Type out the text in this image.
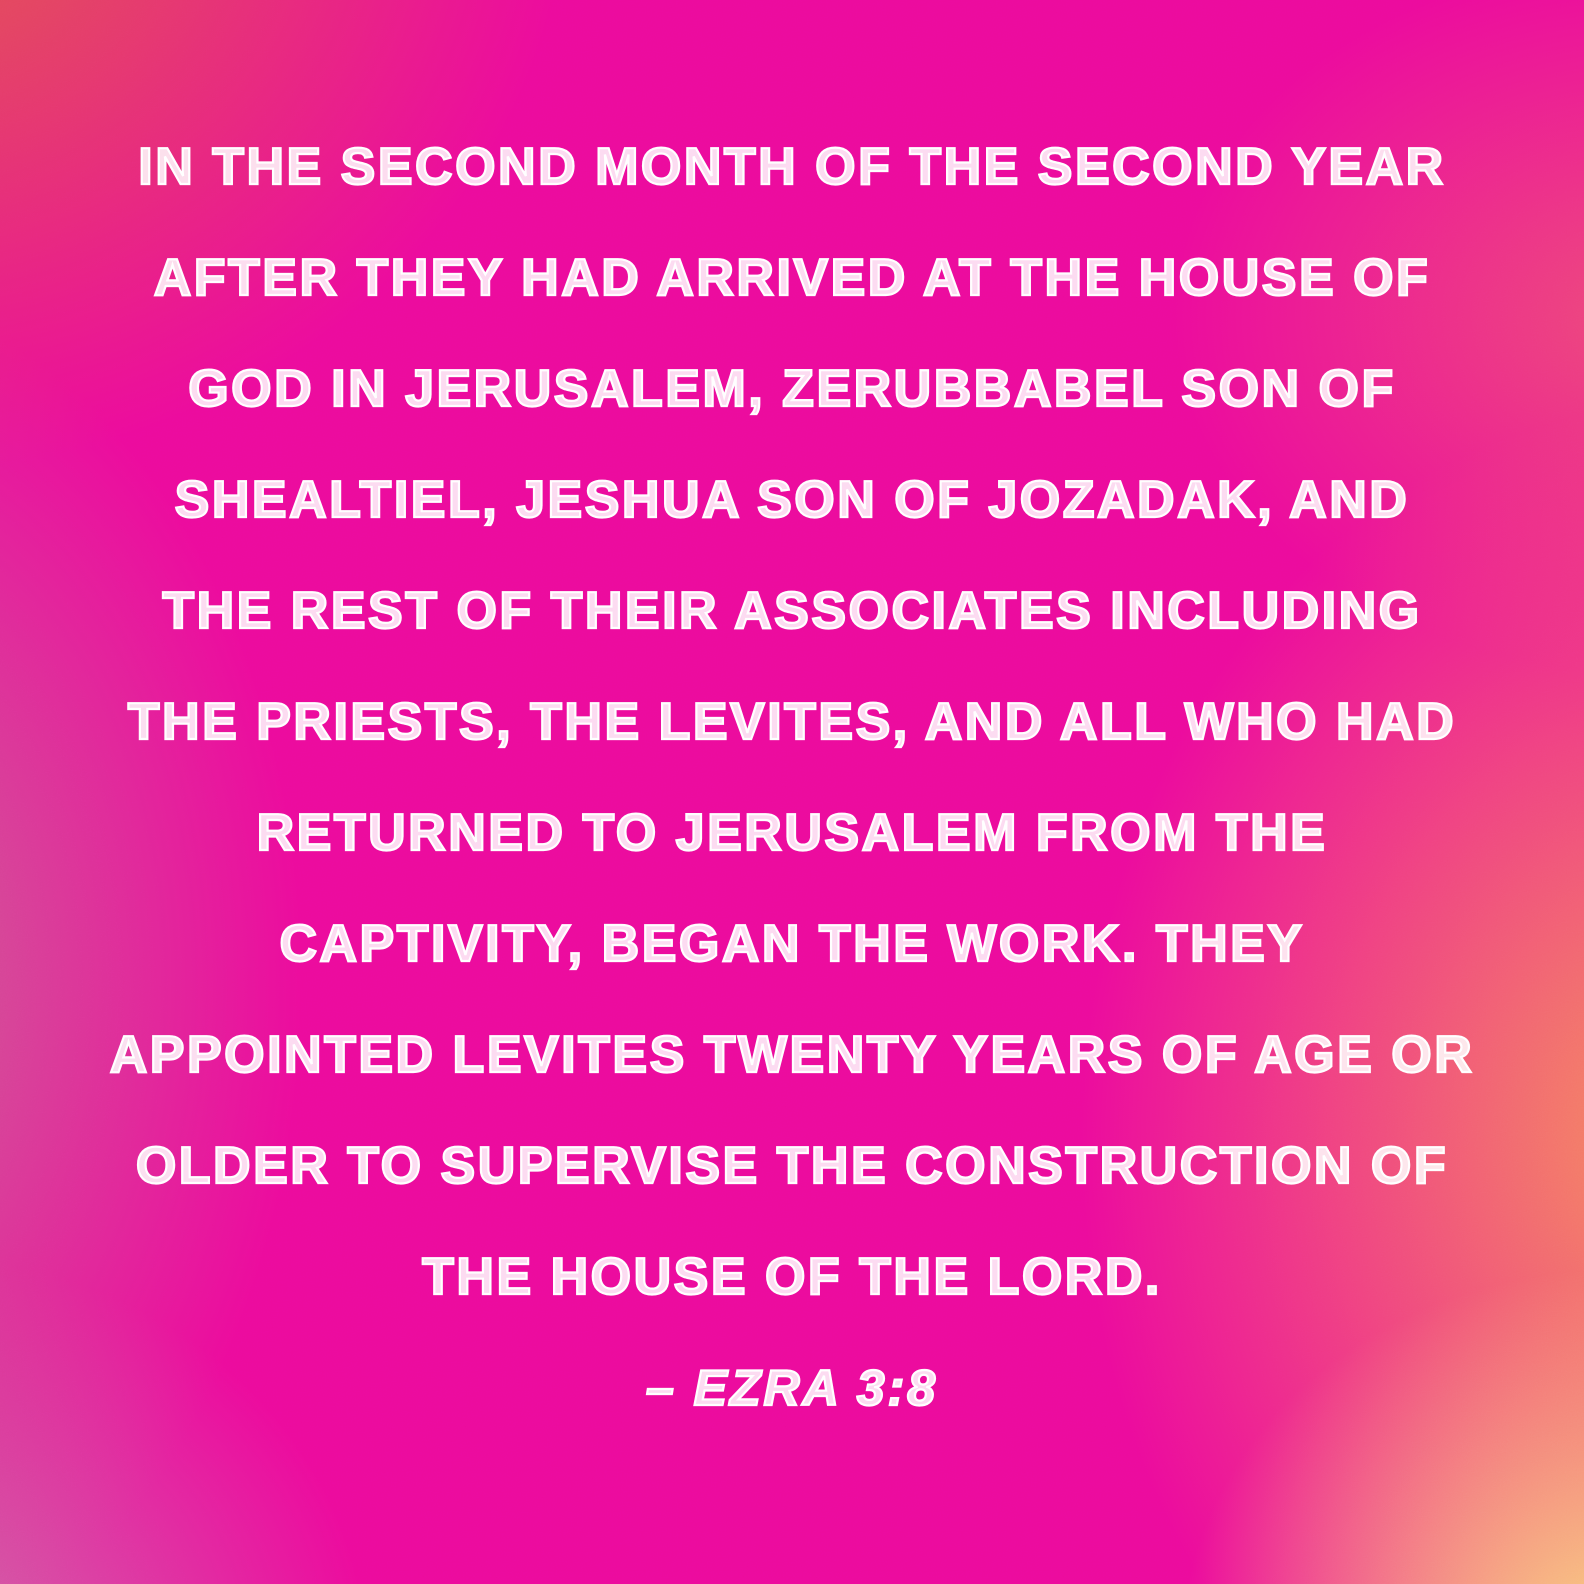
IN THE SECOND MONTH OF THE SECOND YEAR
AFTER THEY HAD ARRIVED AT THE HOUSE OF
GOD IN JERUSALEM, ZERUBBABEL SON OF
SHEALTIEL, JESHUA SON OF JOZADAK, AND
THE REST OF THEIR ASSOCIATES INCLUDING
THE PRIESTS, THE LEVITES, AND ALL WHO HAD
RETURNED TO JERUSALEM FROM THE
CAPTIVITY, BEGAN THE WORK. THEY
APPOINTED LEVITES TWENTY YEARS OF AGE OR
OLDER TO SUPERVISE THE CONSTRUCTION OF
THE HOUSE OF THE LORD.
– EZRA 3:8
